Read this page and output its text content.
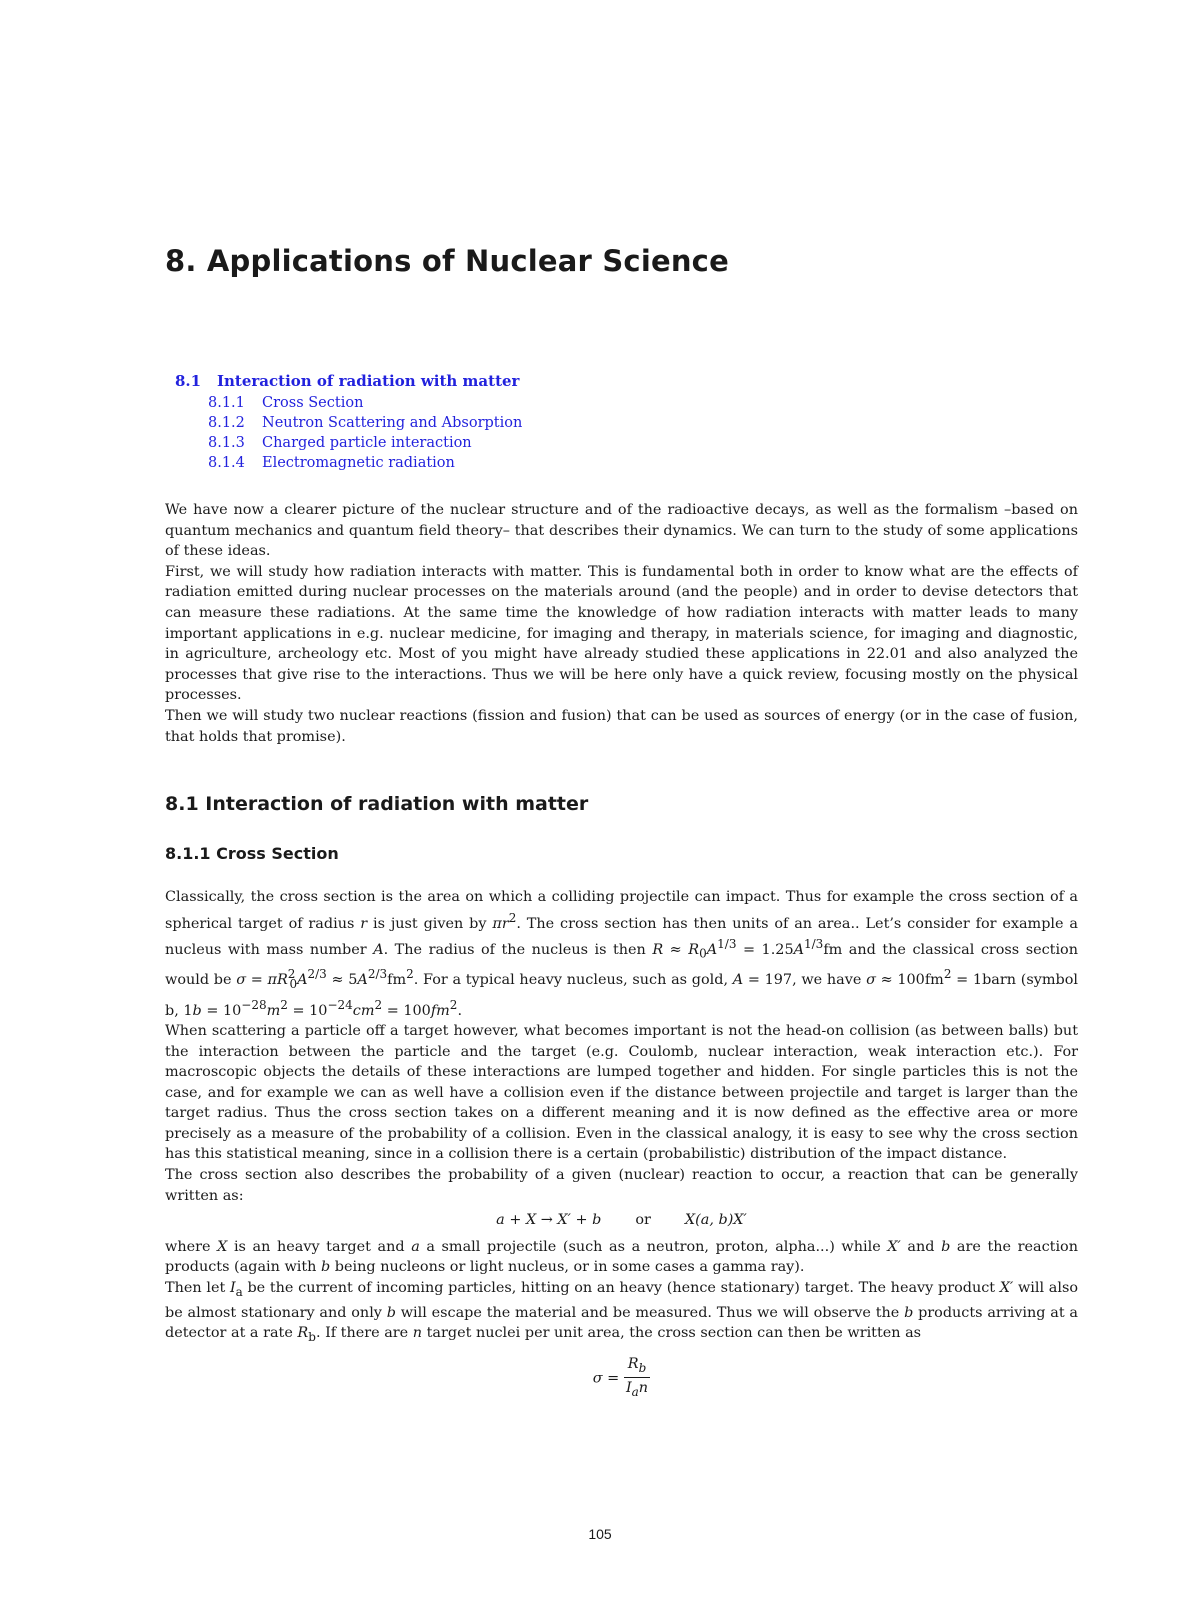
8. Applications of Nuclear Science
8.1 Interaction of radiation with matter
8.1.1 Cross Section
8.1.2 Neutron Scattering and Absorption
8.1.3 Charged particle interaction
8.1.4 Electromagnetic radiation

We have now a clearer picture of the nuclear structure and of the radioactive decays, as well as the formalism –based on quantum mechanics and quantum field theory– that describes their dynamics. We can turn to the study of some applications of these ideas.

First, we will study how radiation interacts with matter. This is fundamental both in order to know what are the effects of radiation emitted during nuclear processes on the materials around (and the people) and in order to devise detectors that can measure these radiations. At the same time the knowledge of how radiation interacts with matter leads to many important applications in e.g. nuclear medicine, for imaging and therapy, in materials science, for imaging and diagnostic, in agriculture, archeology etc. Most of you might have already studied these applications in 22.01 and also analyzed the processes that give rise to the interactions. Thus we will be here only have a quick review, focusing mostly on the physical processes.

Then we will study two nuclear reactions (fission and fusion) that can be used as sources of energy (or in the case of fusion, that holds that promise).

8.1 Interaction of radiation with matter
8.1.1 Cross Section

Classically, the cross section is the area on which a colliding projectile can impact. Thus for example the cross section of a spherical target of radius r is just given by $\pi r^2$. The cross section has then units of an area.. Let’s consider for example a nucleus with mass number A. The radius of the nucleus is then $R \approx R_0A^{1/3} = 1.25A^{1/3}fm$ and the classical cross section would be $\sigma = \pi R^2_0A^{2/3} \approx 5A^{2/3}fm^2$. For a typical heavy nucleus, such as gold, A = 197, we have $\sigma \approx 100fm^2$ = 1barn (symbol b, $1b = 10^{-28}m^2 = 10^{-24}cm^2 = 100fm^2$.

When scattering a particle off a target however, what becomes important is not the head-on collision (as between balls) but the interaction between the particle and the target (e.g. Coulomb, nuclear interaction, weak interaction etc.). For macroscopic objects the details of these interactions are lumped together and hidden. For single particles this is not the case, and for example we can as well have a collision even if the distance between projectile and target is larger than the target radius. Thus the cross section takes on a different meaning and it is now defined as the effective area or more precisely as a measure of the probability of a collision. Even in the classical analogy, it is easy to see why the cross section has this statistical meaning, since in a collision there is a certain (probabilistic) distribution of the impact distance.

The cross section also describes the probability of a given (nuclear) reaction to occur, a reaction that can be generally written as:

a + X → X′ + b or X(a, b)X′

where X is an heavy target and a a small projectile (such as a neutron, proton, alpha...) while X′ and b are the reaction products (again with b being nucleons or light nucleus, or in some cases a gamma ray).

Then let $I_a$ be the current of incoming particles, hitting on an heavy (hence stationary) target. The heavy product X′ will also be almost stationary and only b will escape the material and be measured. Thus we will observe the b products arriving at a detector at a rate $R_b$. If there are n target nuclei per unit area, the cross section can then be written as

$\sigma = \frac{R_b}{I_an}$
105
